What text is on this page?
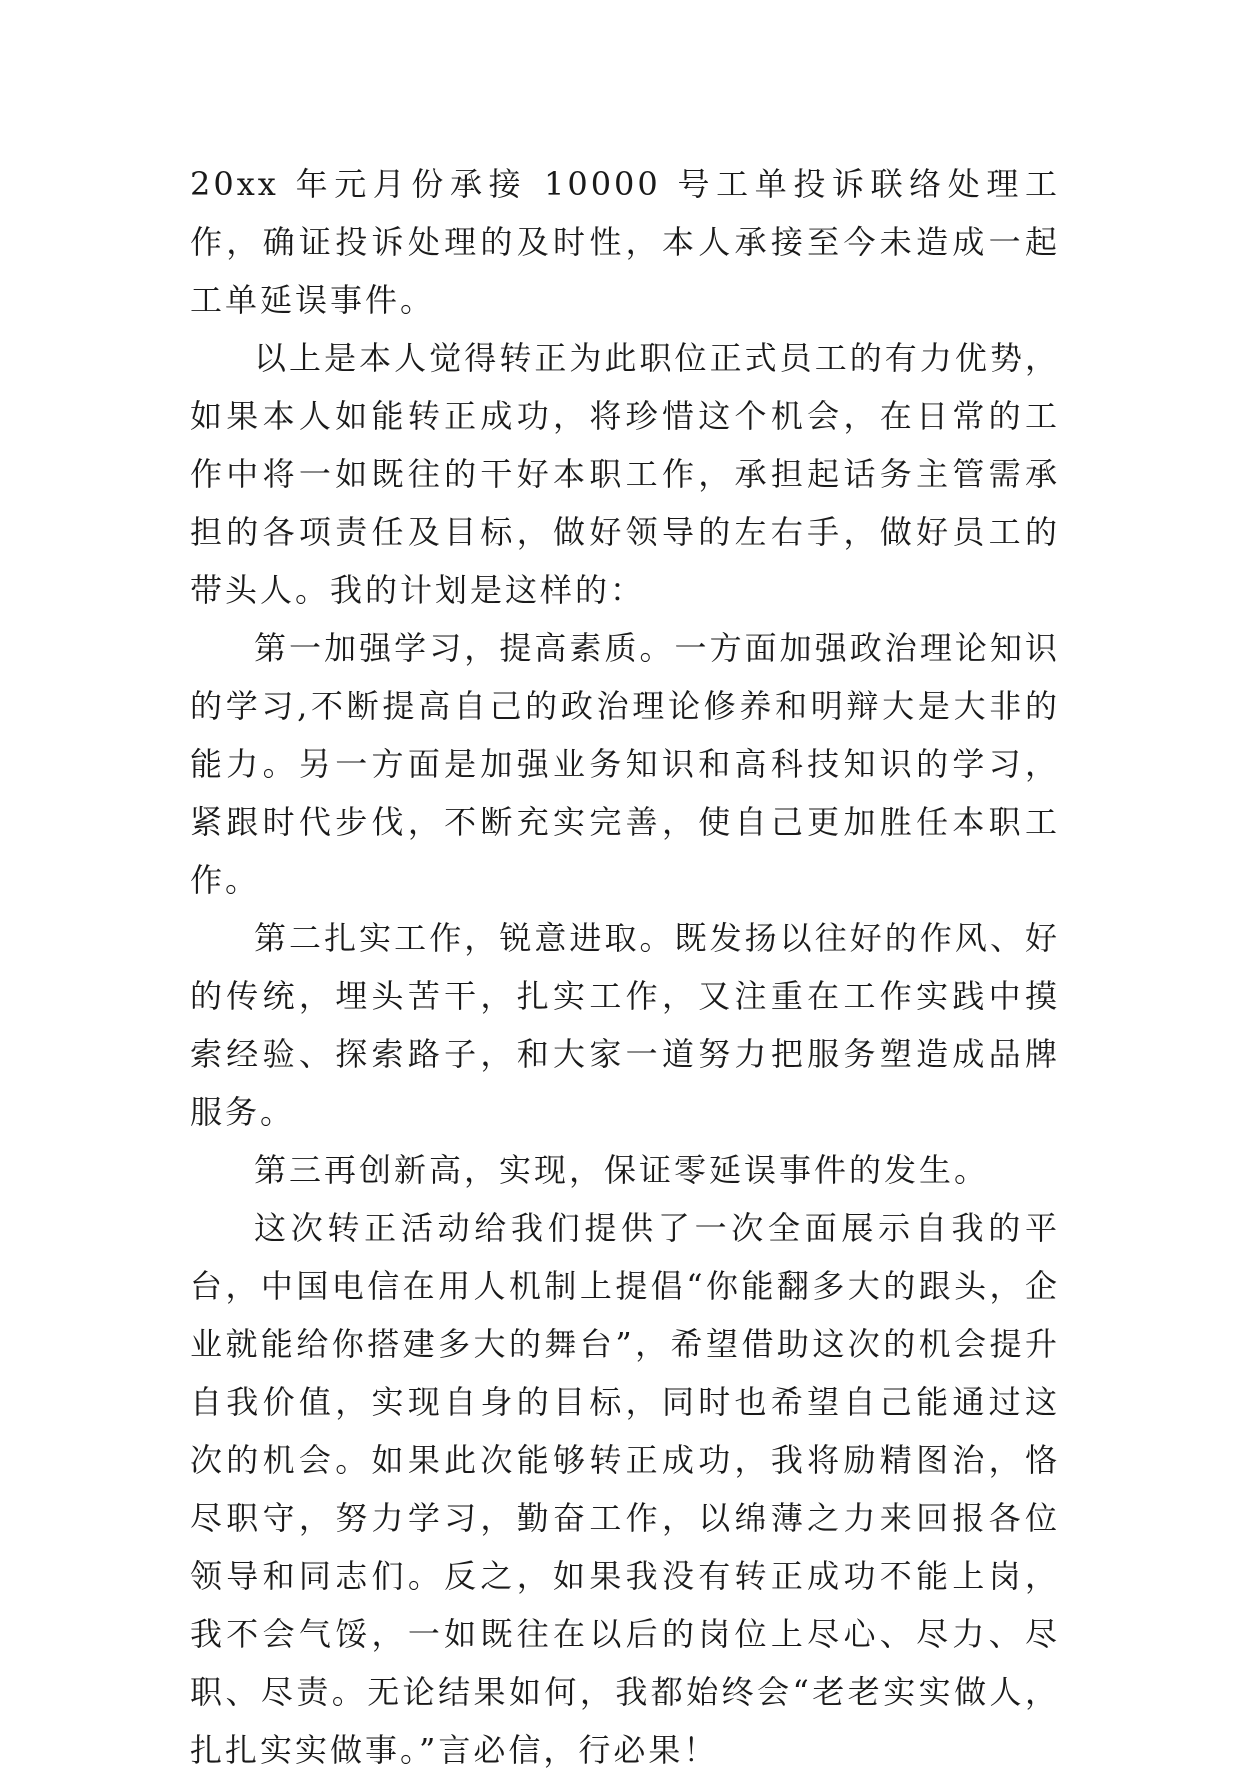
20xx 年元月份承接 10000 号工单投诉联络处理工作，确证投诉处理的及时性，本人承接至今未造成一起工单延误事件。

以上是本人觉得转正为此职位正式员工的有力优势，如果本人如能转正成功，将珍惜这个机会，在日常的工作中将一如既往的干好本职工作，承担起话务主管需承担的各项责任及目标，做好领导的左右手，做好员工的带头人。我的计划是这样的：

第一加强学习，提高素质。一方面加强政治理论知识的学习,不断提高自己的政治理论修养和明辩大是大非的能力。另一方面是加强业务知识和高科技知识的学习，紧跟时代步伐，不断充实完善，使自己更加胜任本职工作。

第二扎实工作，锐意进取。既发扬以往好的作风、好的传统，埋头苦干，扎实工作，又注重在工作实践中摸索经验、探索路子，和大家一道努力把服务塑造成品牌服务。

第三再创新高，实现，保证零延误事件的发生。

这次转正活动给我们提供了一次全面展示自我的平台，中国电信在用人机制上提倡“你能翻多大的跟头，企业就能给你搭建多大的舞台”，希望借助这次的机会提升自我价值，实现自身的目标，同时也希望自己能通过这次的机会。如果此次能够转正成功，我将励精图治，恪尽职守，努力学习，勤奋工作，以绵薄之力来回报各位领导和同志们。反之，如果我没有转正成功不能上岗，我不会气馁，一如既往在以后的岗位上尽心、尽力、尽职、尽责。无论结果如何，我都始终会“老老实实做人，扎扎实实做事。”言必信，行必果！
